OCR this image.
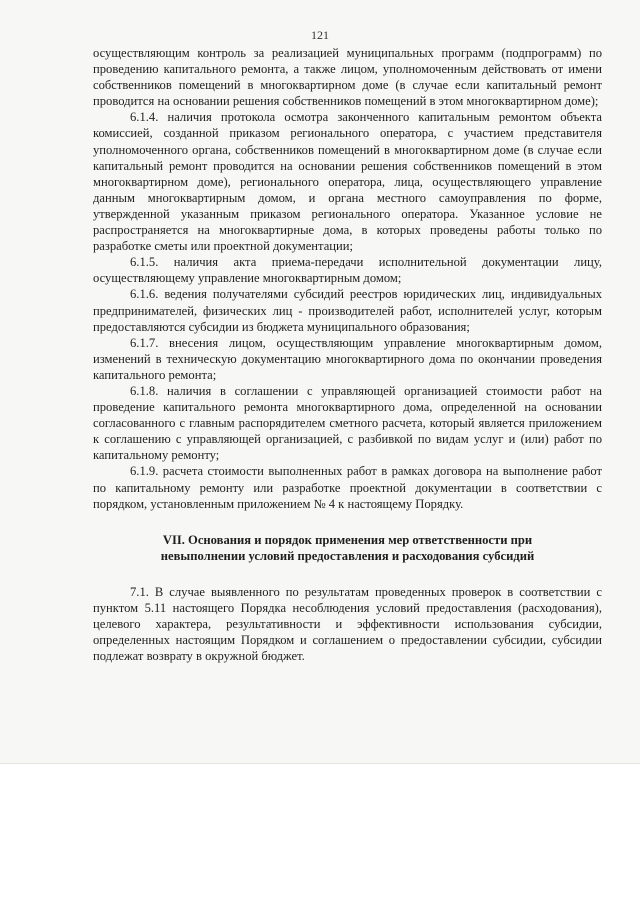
121

осуществляющим контроль за реализацией муниципальных программ (подпрограмм) по проведению капитального ремонта, а также лицом, уполномоченным действовать от имени собственников помещений в многоквартирном доме (в случае если капитальный ремонт проводится на основании решения собственников помещений в этом многоквартирном доме);

6.1.4. наличия протокола осмотра законченного капитальным ремонтом объекта комиссией, созданной приказом регионального оператора, с участием представителя уполномоченного органа, собственников помещений в многоквартирном доме (в случае если капитальный ремонт проводится на основании решения собственников помещений в этом многоквартирном доме), регионального оператора, лица, осуществляющего управление данным многоквартирным домом, и органа местного самоуправления по форме, утвержденной указанным приказом регионального оператора. Указанное условие не распространяется на многоквартирные дома, в которых проведены работы только по разработке сметы или проектной документации;

6.1.5. наличия акта приема-передачи исполнительной документации лицу, осуществляющему управление многоквартирным домом;

6.1.6. ведения получателями субсидий реестров юридических лиц, индивидуальных предпринимателей, физических лиц - производителей работ, исполнителей услуг, которым предоставляются субсидии из бюджета муниципального образования;

6.1.7. внесения лицом, осуществляющим управление многоквартирным домом, изменений в техническую документацию многоквартирного дома по окончании проведения капитального ремонта;

6.1.8. наличия в соглашении с управляющей организацией стоимости работ на проведение капитального ремонта многоквартирного дома, определенной на основании согласованного с главным распорядителем сметного расчета, который является приложением к соглашению с управляющей организацией, с разбивкой по видам услуг и (или) работ по капитальному ремонту;

6.1.9. расчета стоимости выполненных работ в рамках договора на выполнение работ по капитальному ремонту или разработке проектной документации в соответствии с порядком, установленным приложением № 4 к настоящему Порядку.

VII. Основания и порядок применения мер ответственности при невыполнении условий предоставления и расходования субсидий

7.1. В случае выявленного по результатам проведенных проверок в соответствии с пунктом 5.11 настоящего Порядка несоблюдения условий предоставления (расходования), целевого характера, результативности и эффективности использования субсидии, определенных настоящим Порядком и соглашением о предоставлении субсидии, субсидии подлежат возврату в окружной бюджет.
